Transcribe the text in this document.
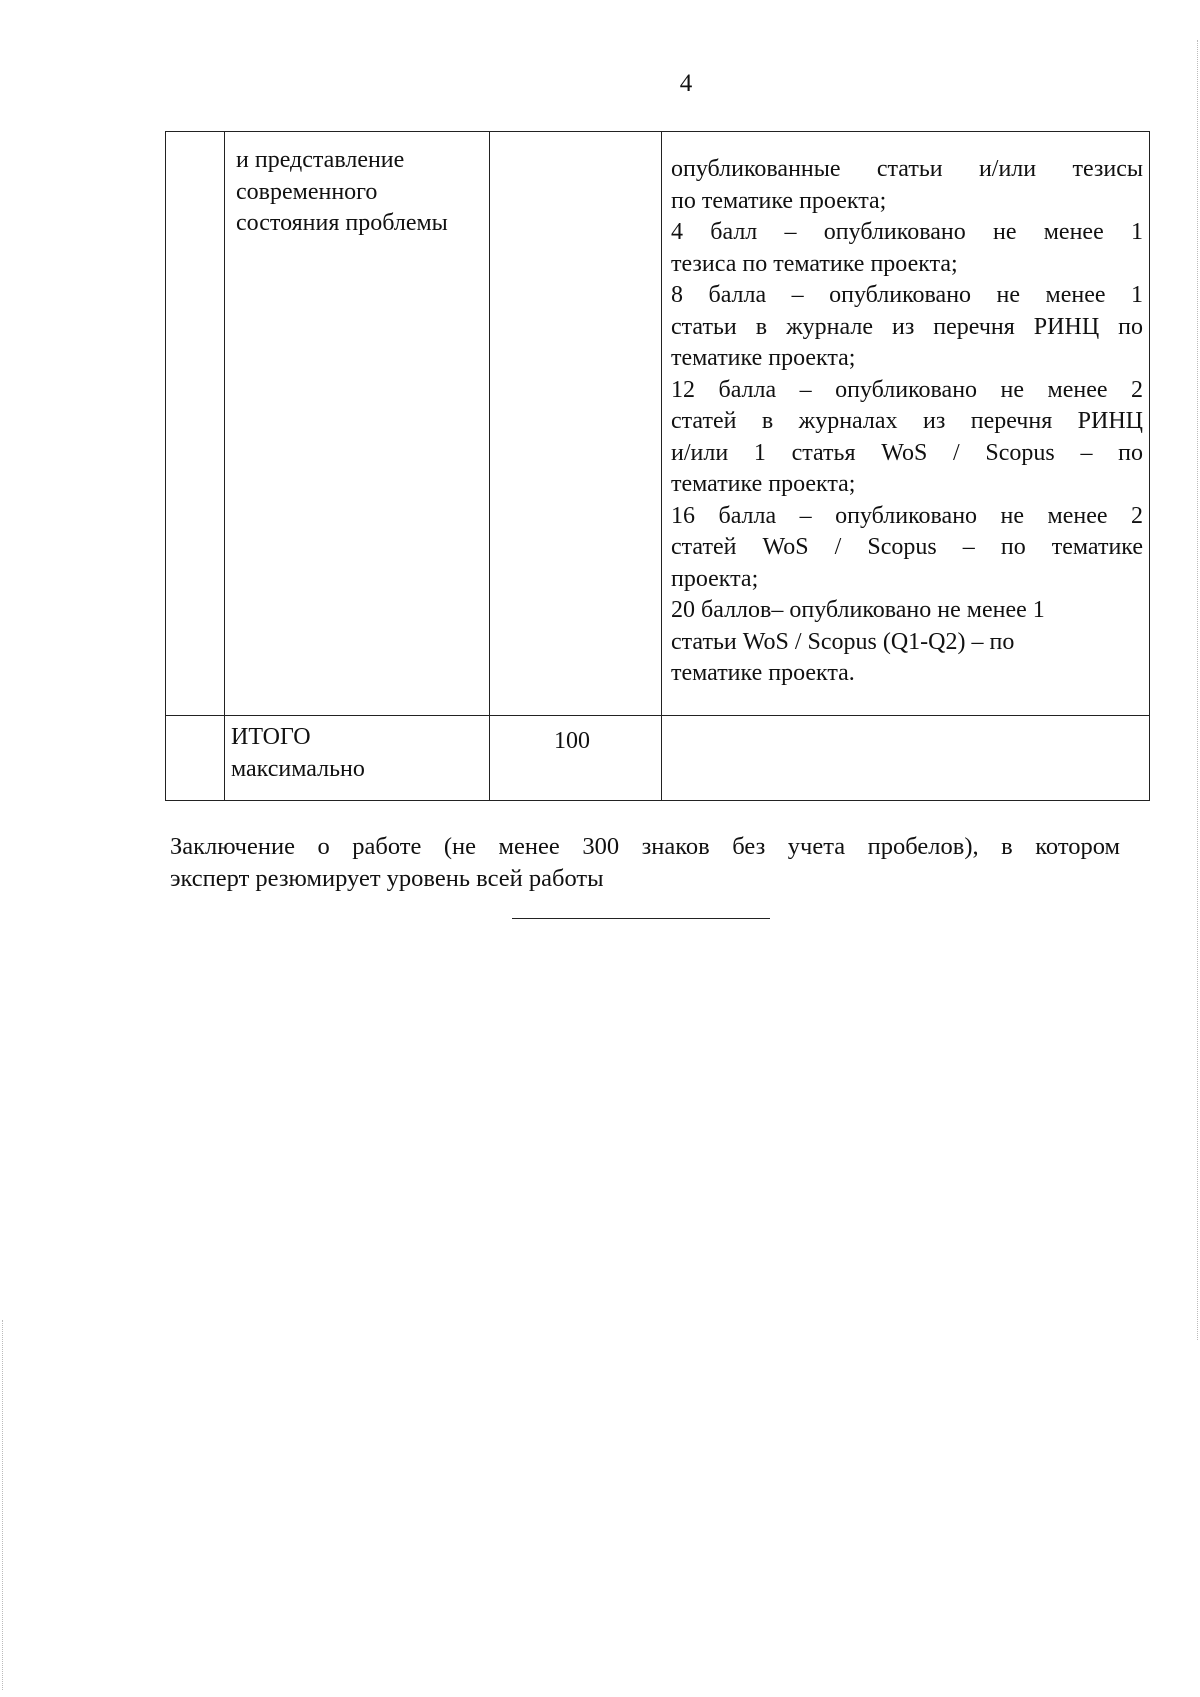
4
и представление
современного
состояния проблемы
опубликованные статьи и/или тезисы
по тематике проекта;
4 балл – опубликовано не менее 1
тезиса по тематике проекта;
8 балла – опубликовано не менее 1
статьи в журнале из перечня РИНЦ по
тематике проекта;
12 балла – опубликовано не менее 2
статей в журналах из перечня РИНЦ
и/или 1 статья WoS / Scopus – по
тематике проекта;
16 балла – опубликовано не менее 2
статей WoS / Scopus – по тематике
проекта;
20 баллов– опубликовано не менее 1
статьи WoS / Scopus (Q1-Q2) – по
тематике проекта.
ИТОГО
максимально
100
Заключение о работе (не менее 300 знаков без учета пробелов), в котором
эксперт резюмирует уровень всей работы
